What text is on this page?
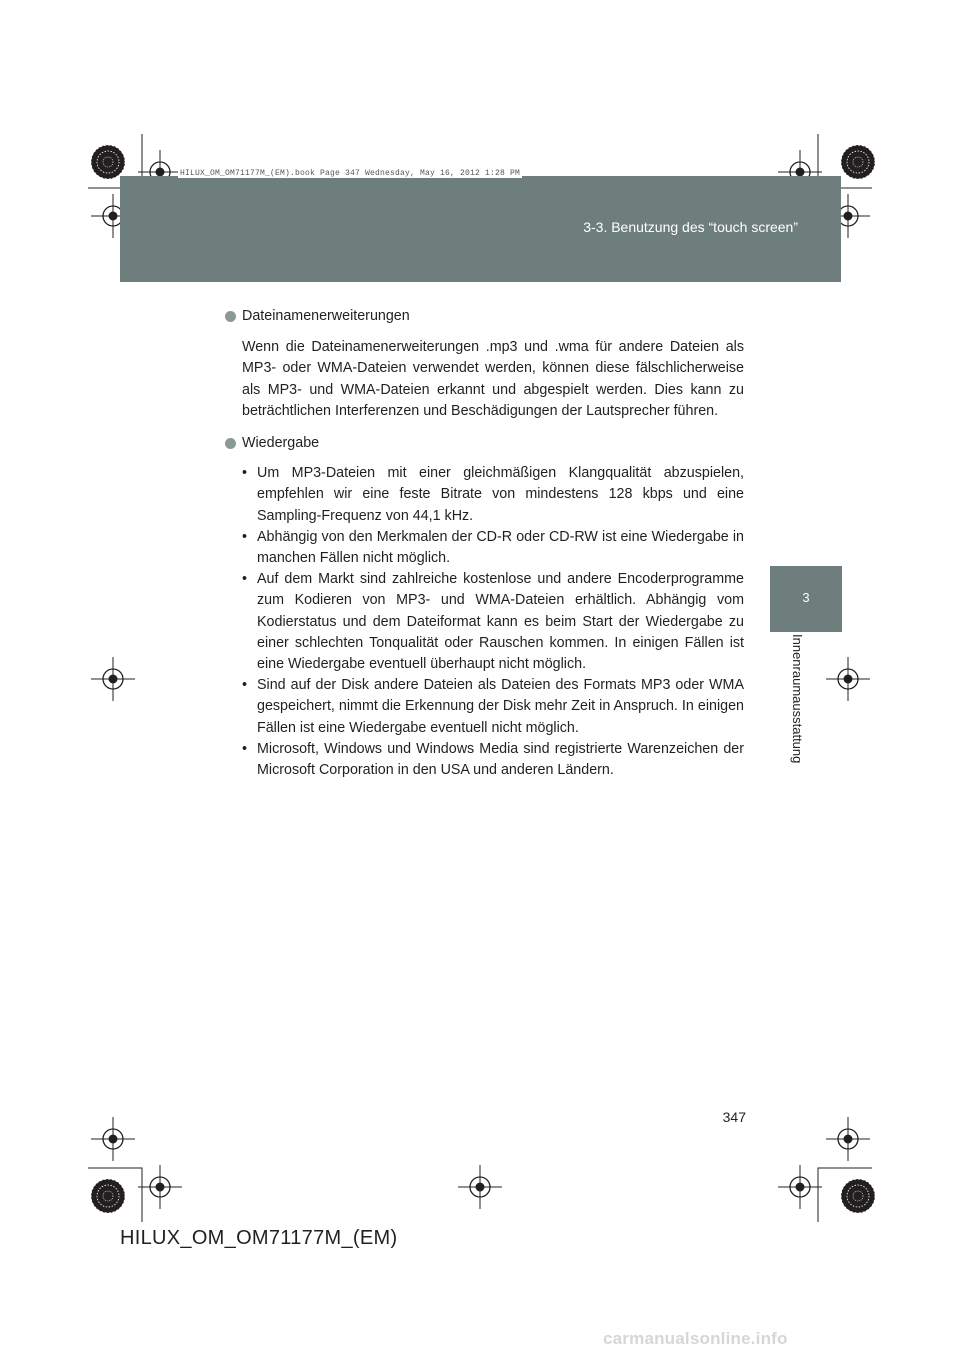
HILUX_OM_OM71177M_(EM).book Page 347 Wednesday, May 16, 2012 1:28 PM
3-3. Benutzung des “touch screen”
3
Innenraumausstattung
Dateinamenerweiterungen

Wenn die Dateinamenerweiterungen .mp3 und .wma für andere Dateien als MP3- oder WMA-Dateien verwendet werden, können diese fälschlicherweise als MP3- und WMA-Dateien erkannt und abgespielt werden. Dies kann zu beträchtlichen Interferenzen und Beschädigungen der Lautsprecher führen.

Wiedergabe
• Um MP3-Dateien mit einer gleichmäßigen Klangqualität abzuspielen, empfehlen wir eine feste Bitrate von mindestens 128 kbps und eine Sampling-Frequenz von 44,1 kHz.
• Abhängig von den Merkmalen der CD-R oder CD-RW ist eine Wiedergabe in manchen Fällen nicht möglich.
• Auf dem Markt sind zahlreiche kostenlose und andere Encoderprogramme zum Kodieren von MP3- und WMA-Dateien erhältlich. Abhängig vom Kodierstatus und dem Dateiformat kann es beim Start der Wiedergabe zu einer schlechten Tonqualität oder Rauschen kommen. In einigen Fällen ist eine Wiedergabe eventuell überhaupt nicht möglich.
• Sind auf der Disk andere Dateien als Dateien des Formats MP3 oder WMA gespeichert, nimmt die Erkennung der Disk mehr Zeit in Anspruch. In einigen Fällen ist eine Wiedergabe eventuell nicht möglich.
• Microsoft, Windows und Windows Media sind registrierte Warenzeichen der Microsoft Corporation in den USA und anderen Ländern.
347
HILUX_OM_OM71177M_(EM)
carmanualsonline.info
